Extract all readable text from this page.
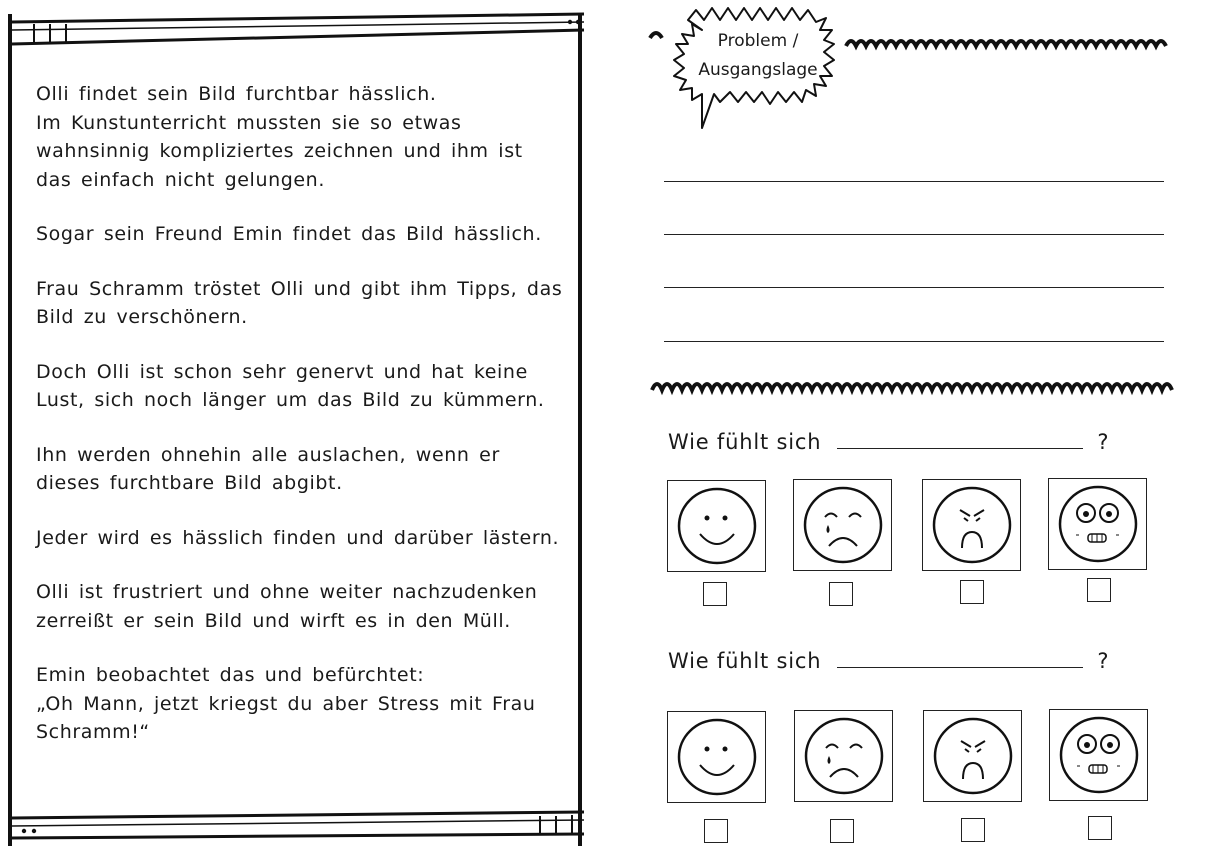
Olli findet sein Bild furchtbar hässlich.
Im Kunstunterricht mussten sie so etwas wahnsinnig kompliziertes zeichnen und ihm ist das einfach nicht gelungen.

Sogar sein Freund Emin findet das Bild hässlich.

Frau Schramm tröstet Olli und gibt ihm Tipps, das Bild zu verschönern.

Doch Olli ist schon sehr genervt und hat keine Lust, sich noch länger um das Bild zu kümmern.

Ihn werden ohnehin alle auslachen, wenn er dieses furchtbare Bild abgibt.

Jeder wird es hässlich finden und darüber lästern.

Olli ist frustriert und ohne weiter nachzudenken zerreißt er sein Bild und wirft es in den Müll.

Emin beobachtet das und befürchtet:
„Oh Mann, jetzt kriegst du aber Stress mit Frau Schramm!“

Problem /
Ausgangslage
Wie fühlt sich	?
Wie fühlt sich	?
